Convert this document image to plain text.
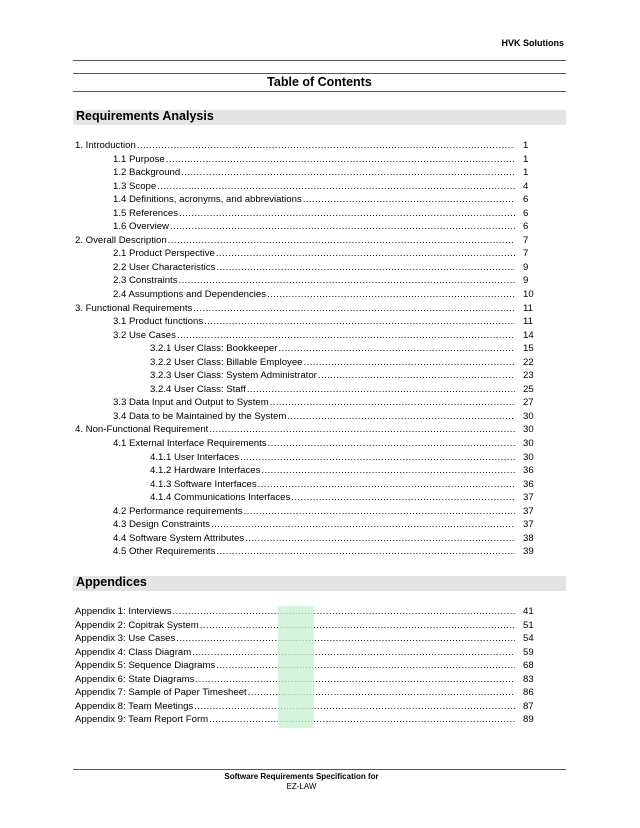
HVK Solutions
Table of Contents
Requirements Analysis
1. Introduction .....	1
1.1 Purpose .....	1
1.2 Background .....	1
1.3 Scope .....	4
1.4 Definitions, acronyms, and abbreviations .....	6
1.5 References .....	6
1.6 Overview .....	6
2. Overall Description .....	7
2.1 Product Perspective .....	7
2.2 User Characteristics .....	9
2.3 Constraints .....	9
2.4 Assumptions and Dependencies .....	10
3. Functional Requirements .....	11
3.1 Product functions .....	11
3.2 Use Cases .....	14
3.2.1 User Class: Bookkeeper .....	15
3.2.2 User Class: Billable Employee .....	22
3.2.3 User Class: System Administrator .....	23
3.2.4 User Class: Staff .....	25
3.3 Data Input and Output to System .....	27
3.4 Data to be Maintained by the System .....	30
4. Non-Functional Requirement .....	30
4.1 External Interface Requirements .....	30
4.1.1 User Interfaces .....	30
4.1.2 Hardware Interfaces .....	36
4.1.3 Software Interfaces .....	36
4.1.4 Communications Interfaces .....	37
4.2 Performance requirements .....	37
4.3 Design Constraints .....	37
4.4 Software System Attributes .....	38
4.5 Other Requirements .....	39
Appendices
Appendix 1: Interviews .....	41
Appendix 2: Copitrak System .....	51
Appendix 3: Use Cases .....	54
Appendix 4: Class Diagram .....	59
Appendix 5: Sequence Diagrams .....	68
Appendix 6: State Diagrams .....	83
Appendix 7: Sample of Paper Timesheet .....	86
Appendix 8: Team Meetings .....	87
Appendix 9: Team Report Form .....	89
Software Requirements Specification for
EZ-LAW
